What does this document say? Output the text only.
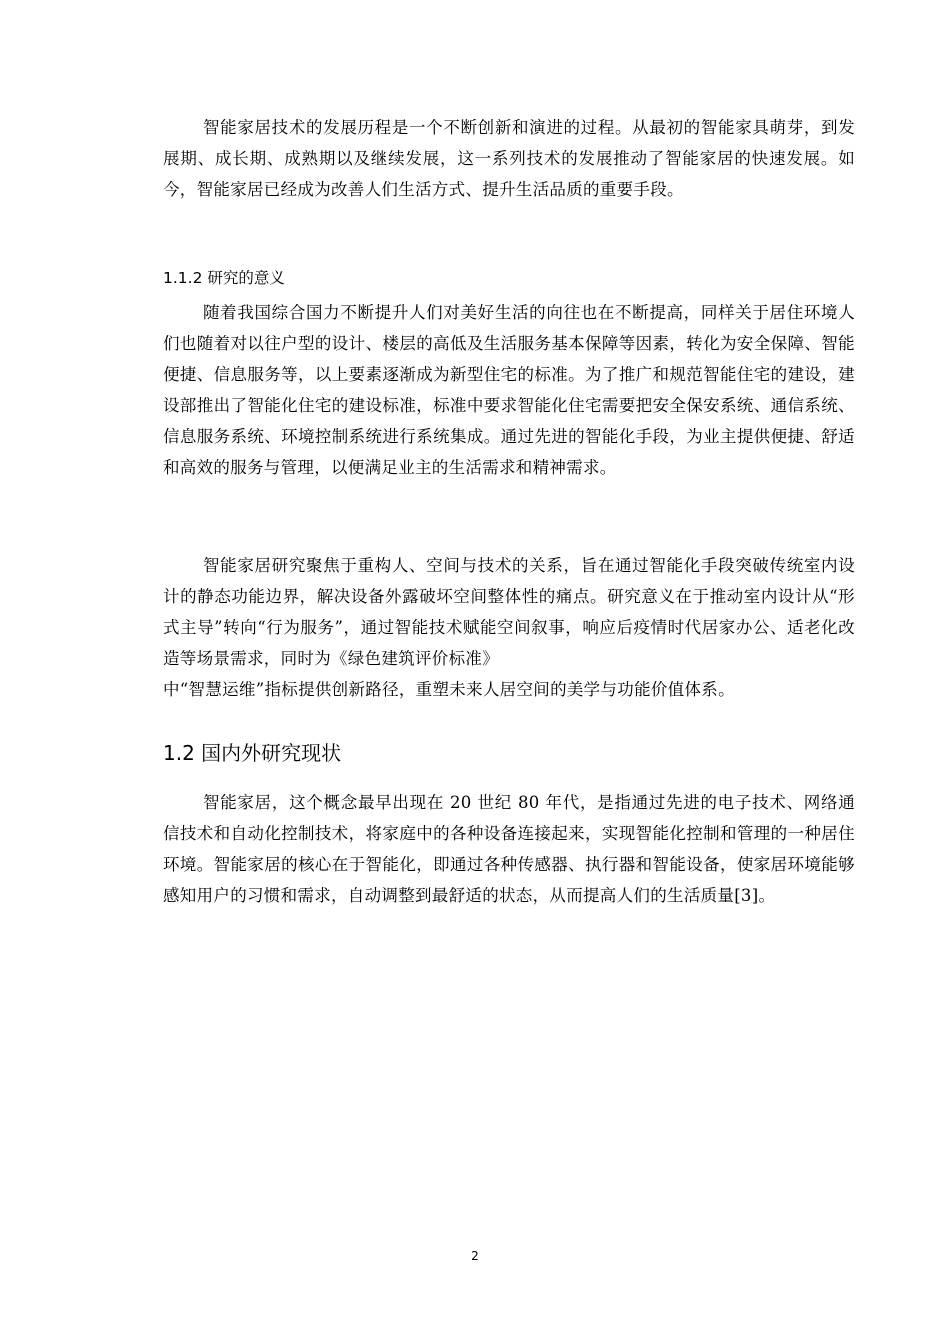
智能家居技术的发展历程是一个不断创新和演进的过程。从最初的智能家具萌芽，到发展期、成长期、成熟期以及继续发展，这一系列技术的发展推动了智能家居的快速发展。如今，智能家居已经成为改善人们生活方式、提升生活品质的重要手段。

1.1.2 研究的意义

随着我国综合国力不断提升人们对美好生活的向往也在不断提高，同样关于居住环境人们也随着对以往户型的设计、楼层的高低及生活服务基本保障等因素，转化为安全保障、智能便捷、信息服务等，以上要素逐渐成为新型住宅的标准。为了推广和规范智能住宅的建设，建设部推出了智能化住宅的建设标准，标准中要求智能化住宅需要把安全保安系统、通信系统、信息服务系统、环境控制系统进行系统集成。通过先进的智能化手段，为业主提供便捷、舒适和高效的服务与管理，以便满足业主的生活需求和精神需求。

智能家居研究聚焦于重构人、空间与技术的关系，旨在通过智能化手段突破传统室内设计的静态功能边界，解决设备外露破坏空间整体性的痛点。研究意义在于推动室内设计从“形式主导”转向“行为服务”，通过智能技术赋能空间叙事，响应后疫情时代居家办公、适老化改造等场景需求，同时为《绿色建筑评价标准》

中“智慧运维”指标提供创新路径，重塑未来人居空间的美学与功能价值体系。

1.2 国内外研究现状

智能家居，这个概念最早出现在 20 世纪 80 年代，是指通过先进的电子技术、网络通信技术和自动化控制技术，将家庭中的各种设备连接起来，实现智能化控制和管理的一种居住环境。智能家居的核心在于智能化，即通过各种传感器、执行器和智能设备，使家居环境能够感知用户的习惯和需求，自动调整到最舒适的状态，从而提高人们的生活质量[3]。

2
